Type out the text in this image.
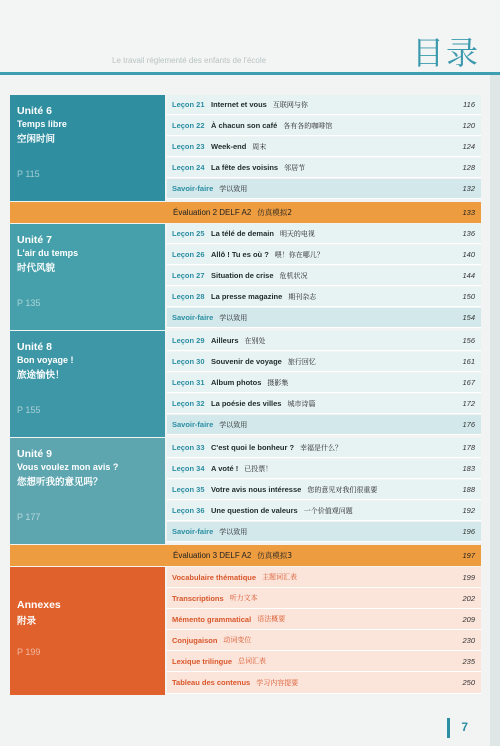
Le travail réglementé des enfants de l'école	目录
Unité 6
Temps libre
空闲时间
P 115
Leçon 21 Internet et vous 互联网与你	116
Leçon 22 À chacun son café 各有各的咖啡馆	120
Leçon 23 Week-end 周末	124
Leçon 24 La fête des voisins 邻居节	128
Savoir-faire 学以致用	132
Évaluation 2 DELF A2 仿真模拟2	133
Unité 7
L'air du temps
时代风貌
P 135
Leçon 25 La télé de demain 明天的电视	136
Leçon 26 Allô ! Tu es où ? 喂！你在哪儿？	140
Leçon 27 Situation de crise 危机状况	144
Leçon 28 La presse magazine 期刊杂志	150
Savoir-faire 学以致用	154
Unité 8
Bon voyage !
旅途愉快！
P 155
Leçon 29 Ailleurs 在别处	156
Leçon 30 Souvenir de voyage 旅行回忆	161
Leçon 31 Album photos 摄影集	167
Leçon 32 La poésie des villes 城市诗篇	172
Savoir-faire 学以致用	176
Unité 9
Vous voulez mon avis ?
您想听我的意见吗？
P 177
Leçon 33 C'est quoi le bonheur ? 幸福是什么？	178
Leçon 34 A voté ! 已投票！	183
Leçon 35 Votre avis nous intéresse 您的意见对我们很重要	188
Leçon 36 Une question de valeurs 一个价值观问题	192
Savoir-faire 学以致用	196
Évaluation 3 DELF A2 仿真模拟3	197
Annexes
附录
P 199
Vocabulaire thématique 主题词汇表	199
Transcriptions 听力文本	202
Mémento grammatical 语法概要	209
Conjugaison 动词变位	230
Lexique trilingue 总词汇表	235
Tableau des contenus 学习内容提要	250
7
